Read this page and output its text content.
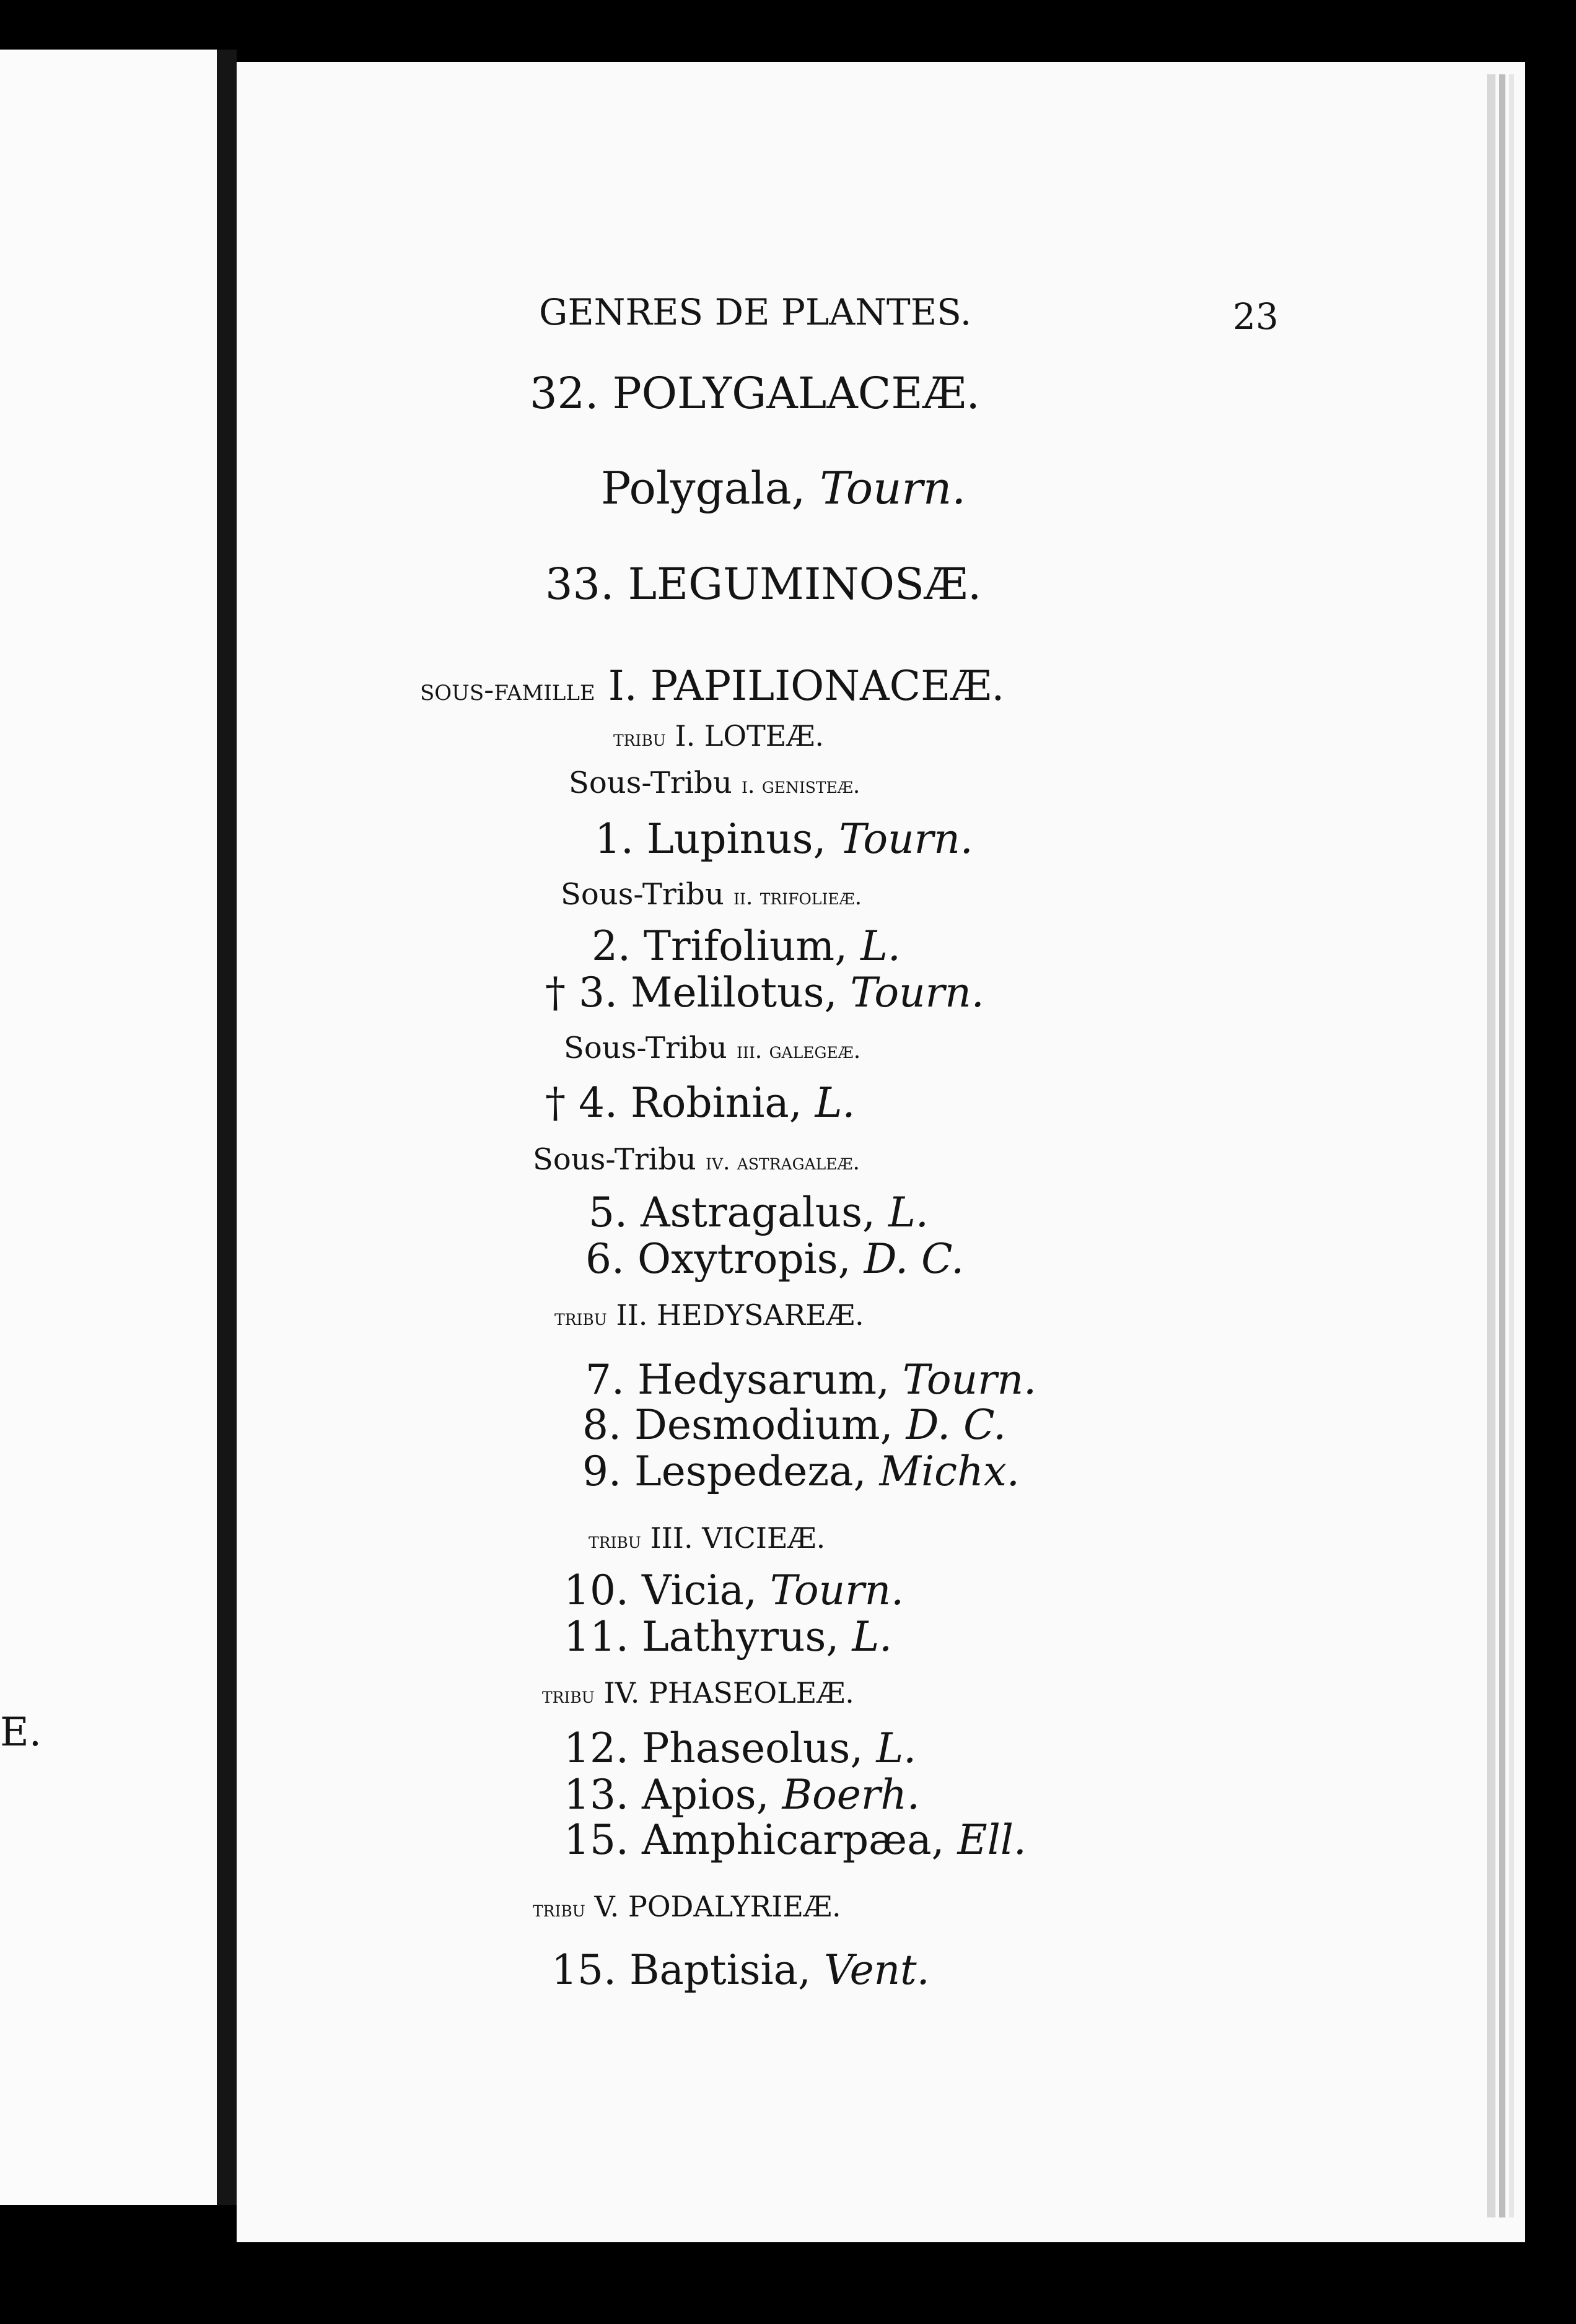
E.
GENRES DE PLANTES.	23
32. POLYGALACEÆ.
Polygala, Tourn.
33. LEGUMINOSÆ.
sous-famille I. PAPILIONACEÆ.
tribu I. LOTEÆ.
Sous-Tribu i. genisteæ.
1. Lupinus, Tourn.
Sous-Tribu ii. trifolieæ.
2. Trifolium, L.
† 3. Melilotus, Tourn.
Sous-Tribu iii. galegeæ.
† 4. Robinia, L.
Sous-Tribu iv. astragaleæ.
5. Astragalus, L.
6. Oxytropis, D. C.
tribu II. HEDYSAREÆ.
7. Hedysarum, Tourn.
8. Desmodium, D. C.
9. Lespedeza, Michx.
tribu III. VICIEÆ.
10. Vicia, Tourn.
11. Lathyrus, L.
tribu IV. PHASEOLEÆ.
12. Phaseolus, L.
13. Apios, Boerh.
15. Amphicarpæa, Ell.
tribu V. PODALYRIEÆ.
15. Baptisia, Vent.
